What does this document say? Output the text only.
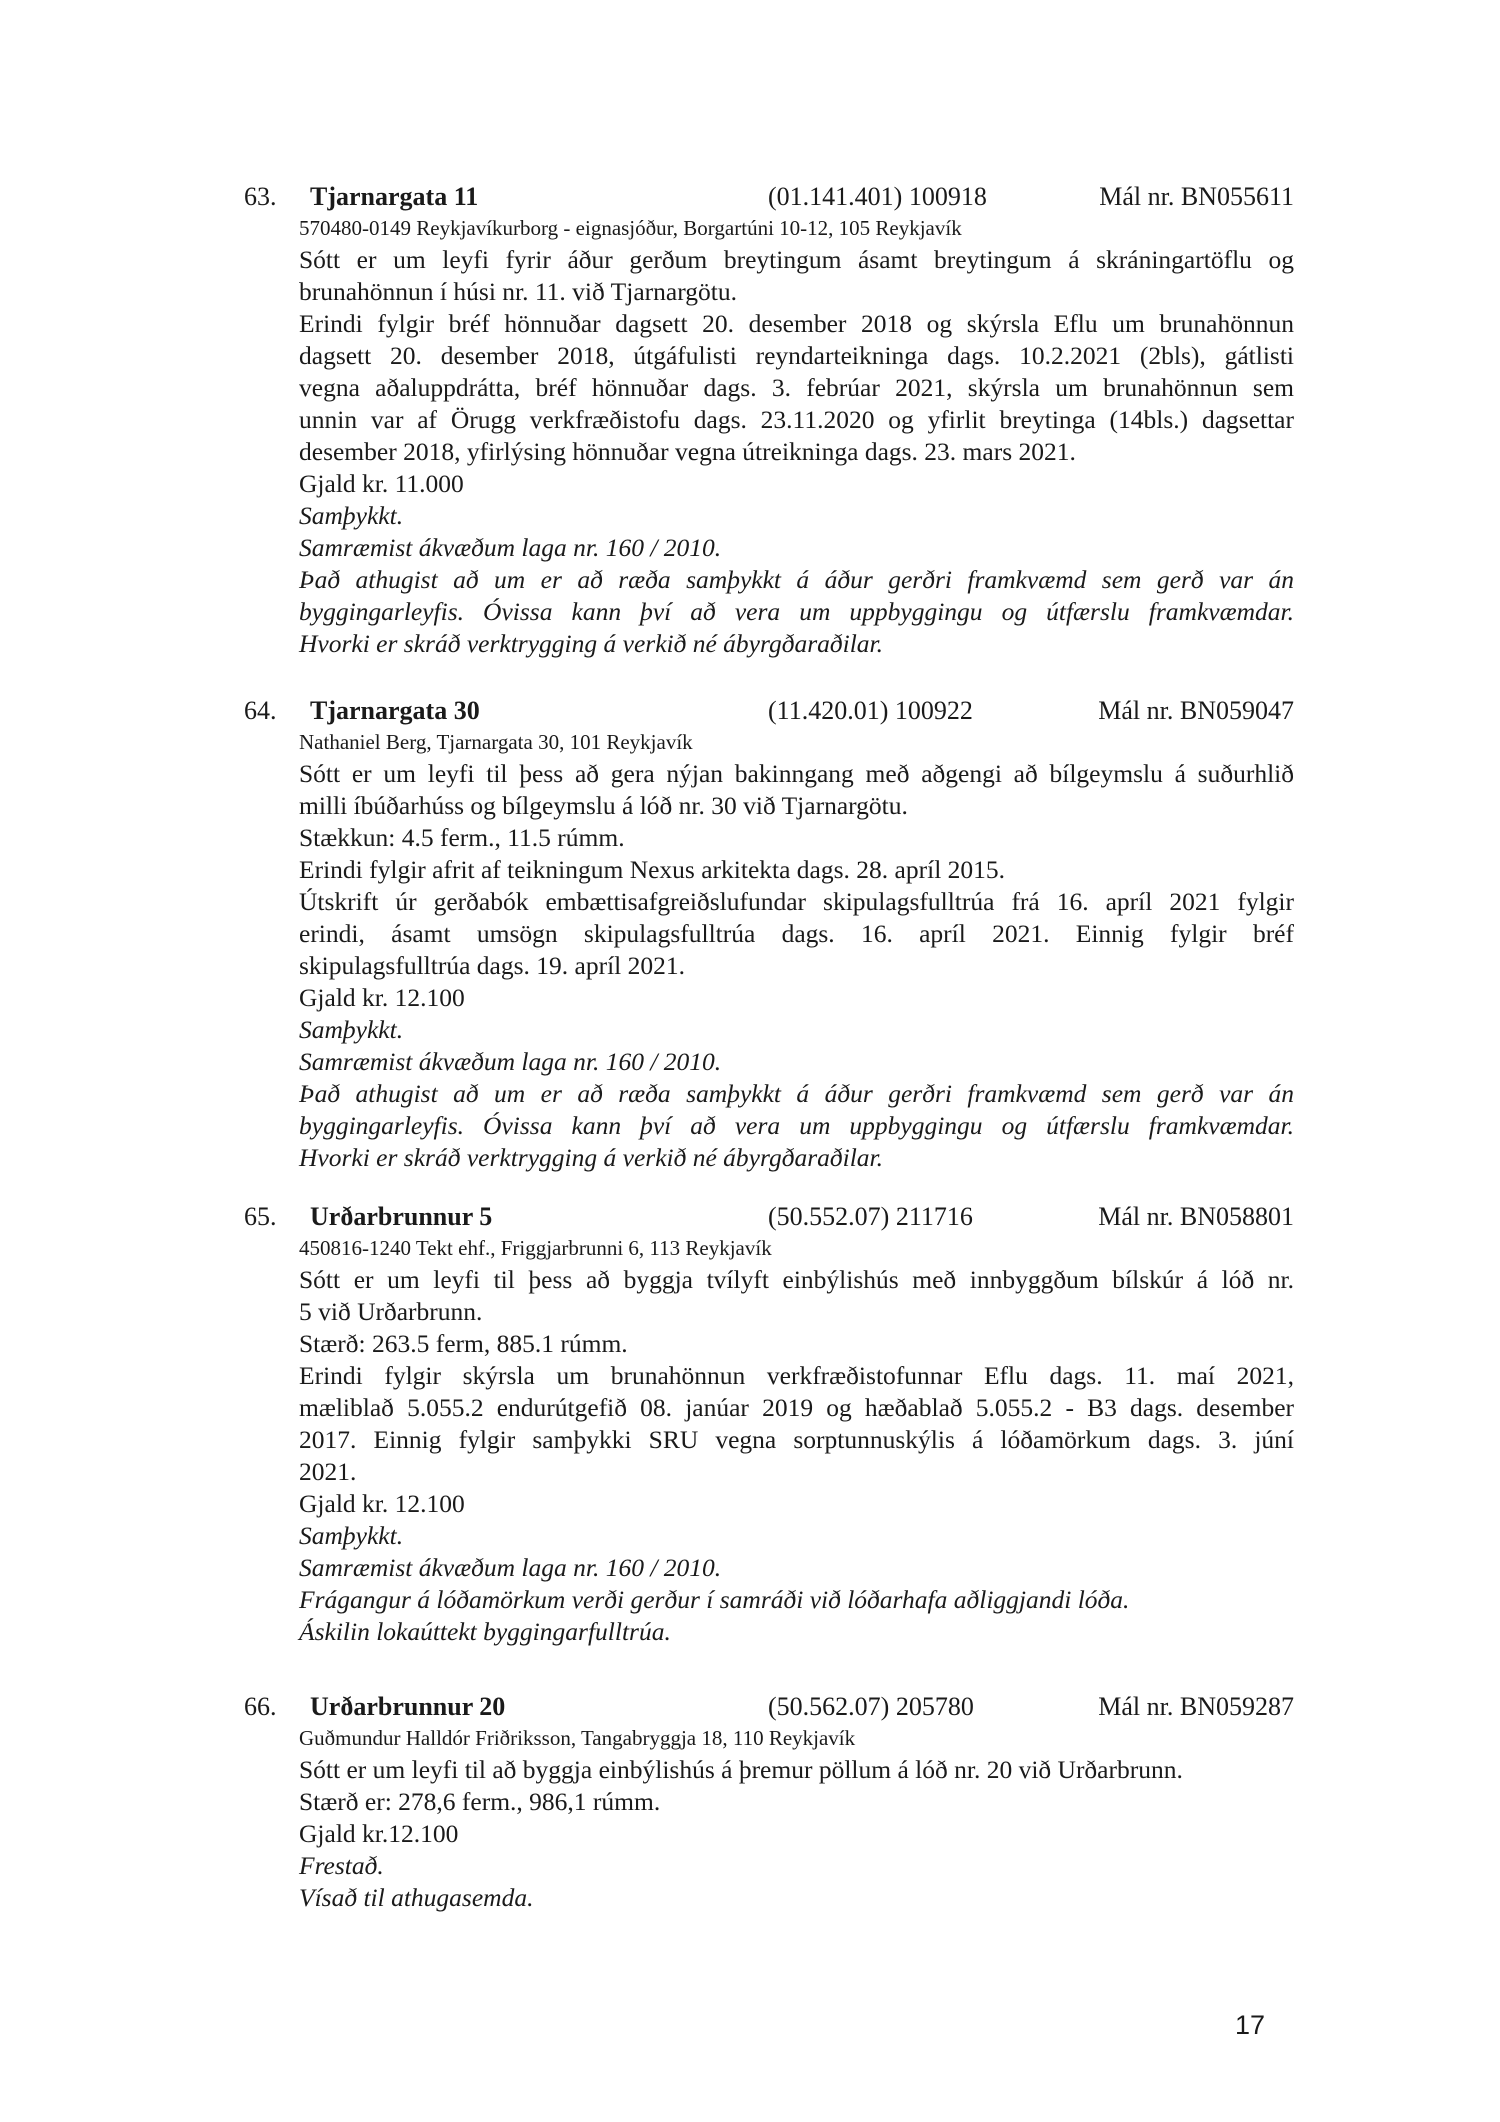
63. Tjarnargata 11	(01.141.401) 100918	Mál nr. BN055611
570480-0149 Reykjavíkurborg - eignasjóður, Borgartúni 10-12, 105 Reykjavík
Sótt er um leyfi fyrir áður gerðum breytingum ásamt breytingum á skráningartöflu og
brunahönnun í húsi nr. 11. við Tjarnargötu.
Erindi fylgir bréf hönnuðar dagsett 20. desember 2018 og skýrsla Eflu um brunahönnun
dagsett 20. desember 2018, útgáfulisti reyndarteikninga dags. 10.2.2021 (2bls), gátlisti
vegna aðaluppdrátta, bréf hönnuðar dags. 3. febrúar 2021, skýrsla um brunahönnun sem
unnin var af Örugg verkfræðistofu dags. 23.11.2020 og yfirlit breytinga (14bls.) dagsettar
desember 2018, yfirlýsing hönnuðar vegna útreikninga dags. 23. mars 2021.
Gjald kr. 11.000
Samþykkt.
Samræmist ákvæðum laga nr. 160 / 2010.
Það athugist að um er að ræða samþykkt á áður gerðri framkvæmd sem gerð var án
byggingarleyfis. Óvissa kann því að vera um uppbyggingu og útfærslu framkvæmdar.
Hvorki er skráð verktrygging á verkið né ábyrgðaraðilar.
64. Tjarnargata 30	(11.420.01) 100922	Mál nr. BN059047
Nathaniel Berg, Tjarnargata 30, 101 Reykjavík
Sótt er um leyfi til þess að gera nýjan bakinngang með aðgengi að bílgeymslu á suðurhlið
milli íbúðarhúss og bílgeymslu á lóð nr. 30 við Tjarnargötu.
Stækkun: 4.5 ferm., 11.5 rúmm.
Erindi fylgir afrit af teikningum Nexus arkitekta dags. 28. apríl 2015.
Útskrift úr gerðabók embættisafgreiðslufundar skipulagsfulltrúa frá 16. apríl 2021 fylgir
erindi, ásamt umsögn skipulagsfulltrúa dags. 16. apríl 2021. Einnig fylgir bréf
skipulagsfulltrúa dags. 19. apríl 2021.
Gjald kr. 12.100
Samþykkt.
Samræmist ákvæðum laga nr. 160 / 2010.
Það athugist að um er að ræða samþykkt á áður gerðri framkvæmd sem gerð var án
byggingarleyfis. Óvissa kann því að vera um uppbyggingu og útfærslu framkvæmdar.
Hvorki er skráð verktrygging á verkið né ábyrgðaraðilar.
65. Urðarbrunnur 5	(50.552.07) 211716	Mál nr. BN058801
450816-1240 Tekt ehf., Friggjarbrunni 6, 113 Reykjavík
Sótt er um leyfi til þess að byggja tvílyft einbýlishús með innbyggðum bílskúr á lóð nr.
5 við Urðarbrunn.
Stærð: 263.5 ferm, 885.1 rúmm.
Erindi fylgir skýrsla um brunahönnun verkfræðistofunnar Eflu dags. 11. maí 2021,
mæliblað 5.055.2 endurútgefið 08. janúar 2019 og hæðablað 5.055.2 - B3 dags. desember
2017. Einnig fylgir samþykki SRU vegna sorptunnuskýlis á lóðamörkum dags. 3. júní
2021.
Gjald kr. 12.100
Samþykkt.
Samræmist ákvæðum laga nr. 160 / 2010.
Frágangur á lóðamörkum verði gerður í samráði við lóðarhafa aðliggjandi lóða.
Áskilin lokaúttekt byggingarfulltrúa.
66. Urðarbrunnur 20	(50.562.07) 205780	Mál nr. BN059287
Guðmundur Halldór Friðriksson, Tangabryggja 18, 110 Reykjavík
Sótt er um leyfi til að byggja einbýlishús á þremur pöllum á lóð nr. 20 við Urðarbrunn.
Stærð er: 278,6 ferm., 986,1 rúmm.
Gjald kr.12.100
Frestað.
Vísað til athugasemda.
17
